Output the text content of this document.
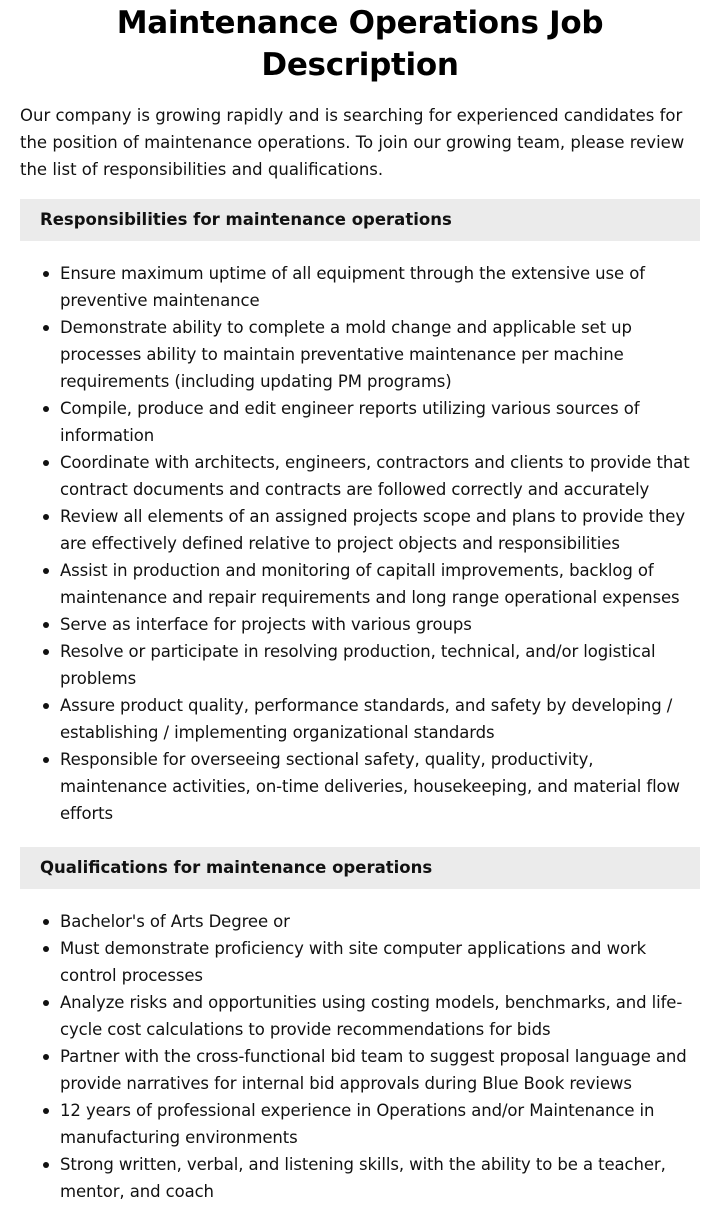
Maintenance Operations Job Description

Our company is growing rapidly and is searching for experienced candidates for the position of maintenance operations. To join our growing team, please review the list of responsibilities and qualifications.

Responsibilities for maintenance operations
Ensure maximum uptime of all equipment through the extensive use of preventive maintenance
Demonstrate ability to complete a mold change and applicable set up processes ability to maintain preventative maintenance per machine requirements (including updating PM programs)
Compile, produce and edit engineer reports utilizing various sources of information
Coordinate with architects, engineers, contractors and clients to provide that contract documents and contracts are followed correctly and accurately
Review all elements of an assigned projects scope and plans to provide they are effectively defined relative to project objects and responsibilities
Assist in production and monitoring of capitall improvements, backlog of maintenance and repair requirements and long range operational expenses
Serve as interface for projects with various groups
Resolve or participate in resolving production, technical, and/or logistical problems
Assure product quality, performance standards, and safety by developing / establishing / implementing organizational standards
Responsible for overseeing sectional safety, quality, productivity, maintenance activities, on-time deliveries, housekeeping, and material flow efforts
Qualifications for maintenance operations
Bachelor's of Arts Degree or
Must demonstrate proficiency with site computer applications and work control processes
Analyze risks and opportunities using costing models, benchmarks, and life-cycle cost calculations to provide recommendations for bids
Partner with the cross-functional bid team to suggest proposal language and provide narratives for internal bid approvals during Blue Book reviews
12 years of professional experience in Operations and/or Maintenance in manufacturing environments
Strong written, verbal, and listening skills, with the ability to be a teacher, mentor, and coach
